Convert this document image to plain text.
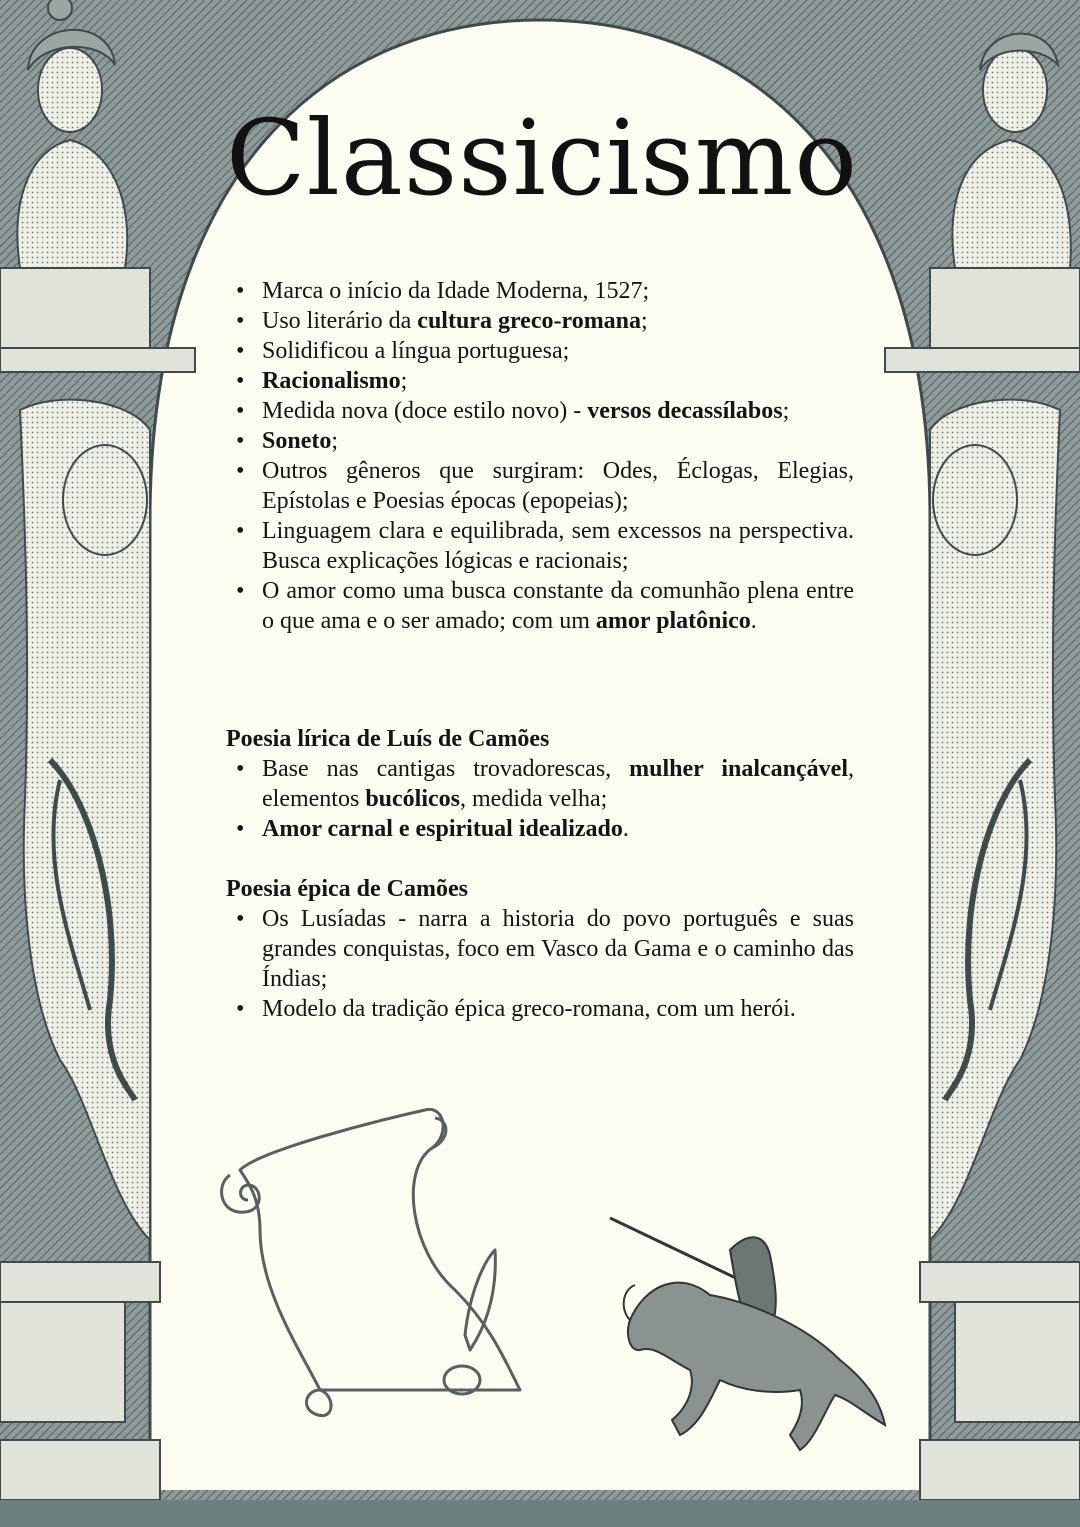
Classicismo
• Marca o início da Idade Moderna, 1527;
• Uso literário da cultura greco-romana;
• Solidificou a língua portuguesa;
• Racionalismo;
• Medida nova (doce estilo novo) - versos decassílabos;
• Soneto;
• Outros gêneros que surgiram: Odes, Éclogas, Elegias, Epístolas e Poesias épocas (epopeias);
• Linguagem clara e equilibrada, sem excessos na perspectiva. Busca explicações lógicas e racionais;
• O amor como uma busca constante da comunhão plena entre o que ama e o ser amado; com um amor platônico.
Poesia lírica de Luís de Camões
• Base nas cantigas trovadorescas, mulher inalcançável, elementos bucólicos, medida velha;
• Amor carnal e espiritual idealizado.
Poesia épica de Camões
• Os Lusíadas - narra a historia do povo português e suas grandes conquistas, foco em Vasco da Gama e o caminho das Índias;
• Modelo da tradição épica greco-romana, com um herói.
